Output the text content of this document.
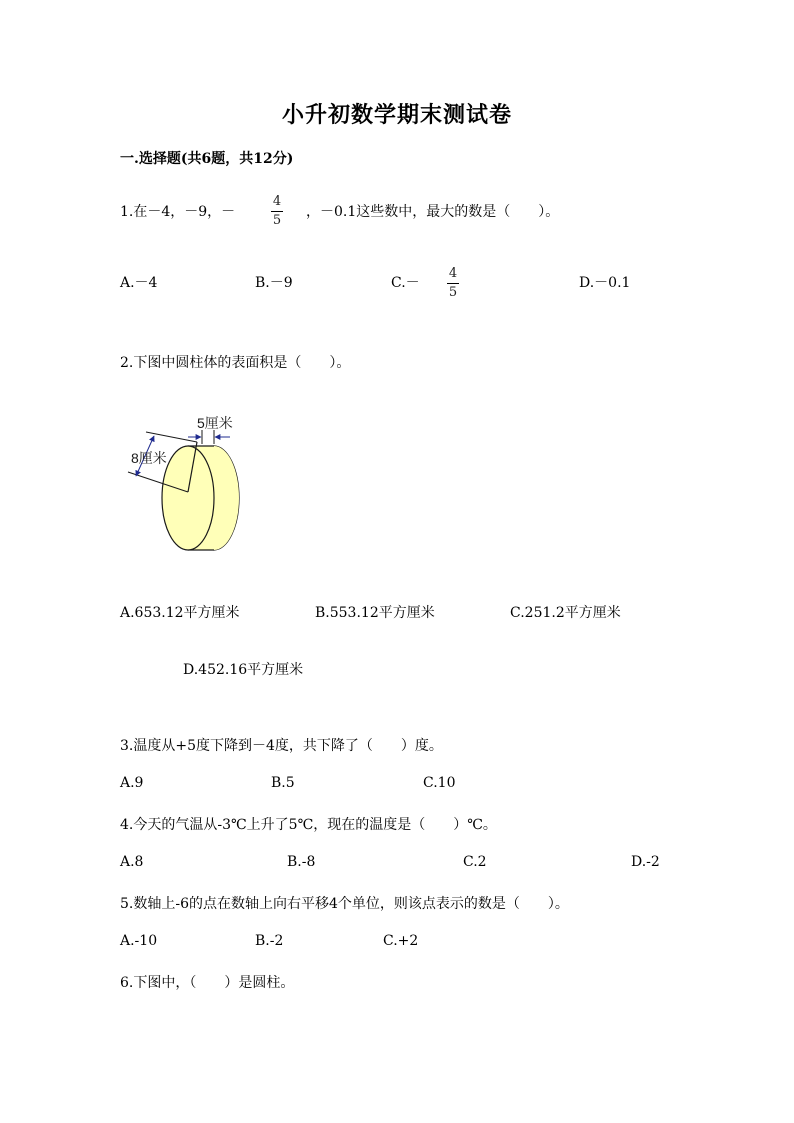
小升初数学期末测试卷
一.选择题(共6题，共12分)
1.在－4，－9，－
4
5
，－0.1这些数中，最大的数是（　　）。
A.－4	B.－9	C.－
4
5
D.－0.1
2.下图中圆柱体的表面积是（　　）。
5厘米
8厘米
A.653.12平方厘米	B.553.12平方厘米	C.251.2平方厘米
D.452.16平方厘米
3.温度从+5度下降到－4度，共下降了（　　）度。
A.9	B.5	C.10
4.今天的气温从-3℃上升了5℃，现在的温度是（　　）℃。
A.8	B.-8	C.2	D.-2
5.数轴上-6的点在数轴上向右平移4个单位，则该点表示的数是（　　）。
A.-10	B.-2	C.+2
6.下图中，（　　）是圆柱。
